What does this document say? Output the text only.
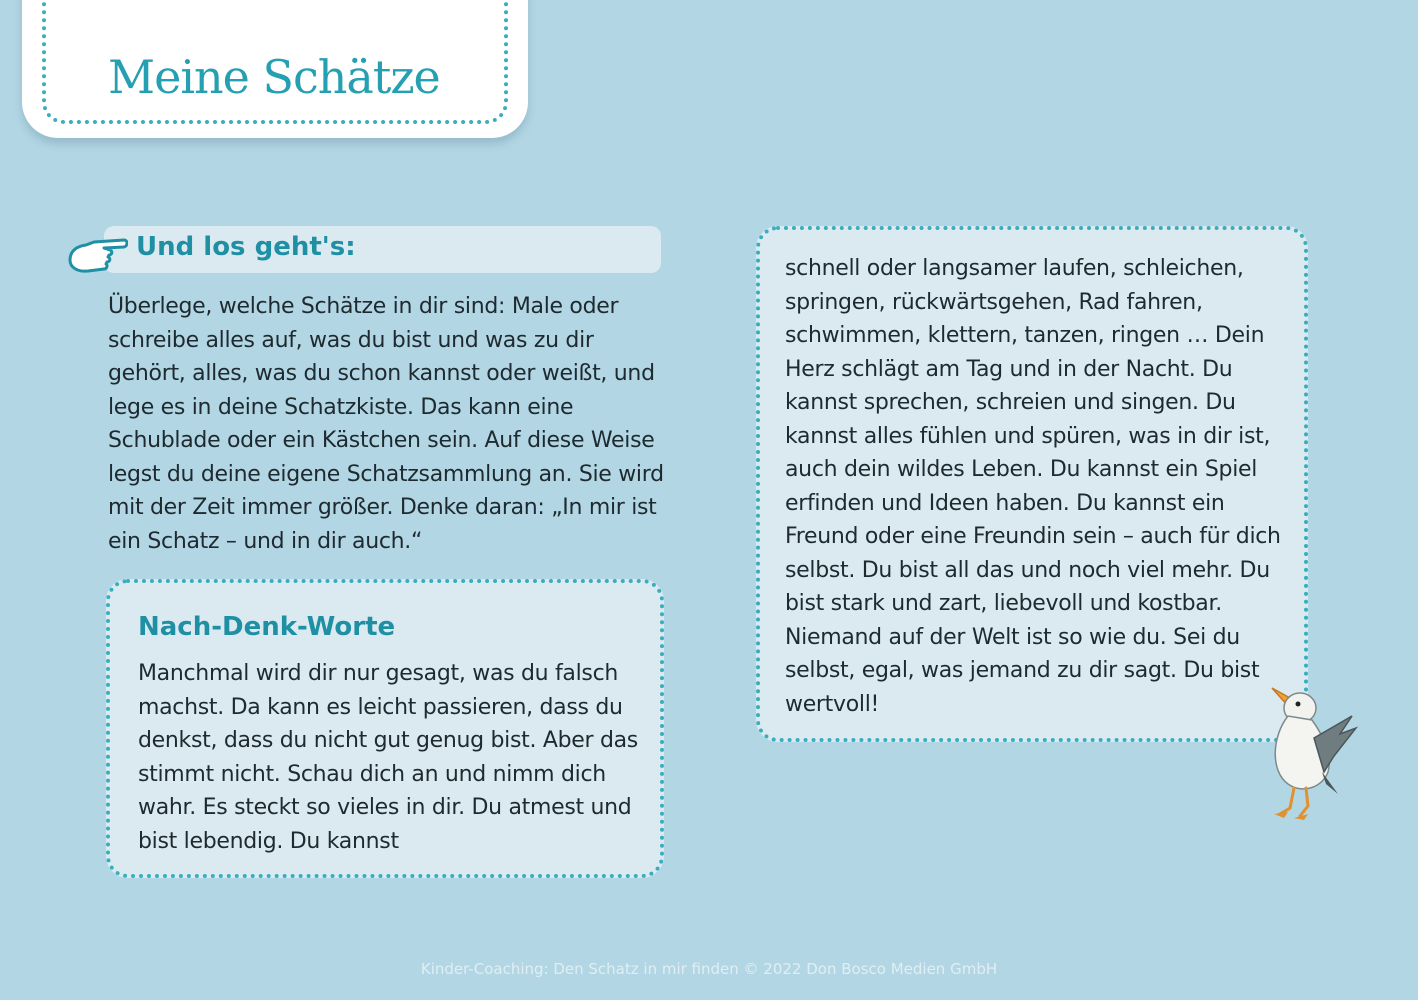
Meine Schätze
Und los geht's:

Überlege, welche Schätze in dir sind: Male oder schreibe alles auf, was du bist und was zu dir gehört, alles, was du schon kannst oder weißt, und lege es in deine Schatzkiste. Das kann eine Schublade oder ein Kästchen sein. Auf diese Weise legst du deine eigene Schatzsammlung an. Sie wird mit der Zeit immer größer. Denke daran: „In mir ist ein Schatz – und in dir auch.“

Nach-Denk-Worte

Manchmal wird dir nur gesagt, was du falsch machst. Da kann es leicht passieren, dass du denkst, dass du nicht gut genug bist. Aber das stimmt nicht. Schau dich an und nimm dich wahr. Es steckt so vieles in dir. Du atmest und bist lebendig. Du kannst

schnell oder langsamer laufen, schleichen, springen, rückwärtsgehen, Rad fahren, schwimmen, klettern, tanzen, ringen … Dein Herz schlägt am Tag und in der Nacht. Du kannst sprechen, schreien und singen. Du kannst alles fühlen und spüren, was in dir ist, auch dein wildes Leben. Du kannst ein Spiel erfinden und Ideen haben. Du kannst ein Freund oder eine Freundin sein – auch für dich selbst. Du bist all das und noch viel mehr. Du bist stark und zart, liebevoll und kostbar. Niemand auf der Welt ist so wie du. Sei du selbst, egal, was jemand zu dir sagt. Du bist wertvoll!

Kinder-Coaching: Den Schatz in mir finden © 2022 Don Bosco Medien GmbH
